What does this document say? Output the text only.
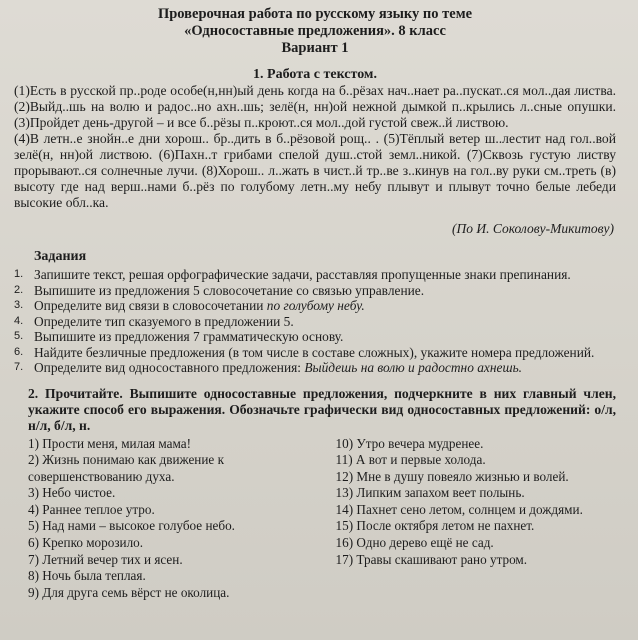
Проверочная работа по русскому языку по теме
«Односоставные предложения». 8 класс
Вариант 1
1. Работа с текстом.

(1)Есть в русской пр..роде особе(н,нн)ый день когда на б..рёзах нач..нает ра..пускат..ся мол..дая листва. (2)Выйд..шь на волю и радос..но ахн..шь; зелё(н, нн)ой нежной дымкой п..крылись л..сные опушки. (3)Пройдет день-другой – и все б..рёзы п..кроют..ся мол..дой густой свеж..й листвою.

(4)В летн..е знойн..е дни хорош.. бр..дить в б..рёзовой рощ.. . (5)Тёплый ветер ш..лестит над гол..вой зелё(н, нн)ой листвою. (6)Пахн..т грибами спелой душ..стой земл..никой. (7)Сквозь густую листву прорывают..ся солнечные лучи. (8)Хорош.. л..жать в чист..й тр..ве з..кинув на гол..ву руки см..треть (в) высоту где над верш..нами б..рёз по голубому летн..му небу плывут и плывут точно белые лебеди высокие обл..ка.

(По И. Соколову-Микитову)
Задания
1. Запишите текст, решая орфографические задачи, расставляя пропущенные знаки препинания.
2. Выпишите из предложения 5 словосочетание со связью управление.
3. Определите вид связи в словосочетании по голубому небу.
4. Определите тип сказуемого в предложении 5.
5. Выпишите из предложения 7 грамматическую основу.
6. Найдите безличные предложения (в том числе в составе сложных), укажите номера предложений.
7. Определите вид односоставного предложения: Выйдешь на волю и радостно ахнешь.
2. Прочитайте. Выпишите односоставные предложения, подчеркните в них главный член, укажите способ его выражения. Обозначьте графически вид односоставных предложений: о/л, н/л, б/л, н.
1) Прости меня, милая мама!
2) Жизнь понимаю как движение к совершенствованию духа.
3) Небо чистое.
4) Раннее теплое утро.
5) Над нами – высокое голубое небо.
6) Крепко морозило.
7) Летний вечер тих и ясен.
8) Ночь была теплая.
9) Для друга семь вёрст не околица.
10) Утро вечера мудренее.
11) А вот и первые холода.
12) Мне в душу повеяло жизнью и волей.
13) Липким запахом веет полынь.
14) Пахнет сено летом, солнцем и дождями.
15) После октября летом не пахнет.
16) Одно дерево ещё не сад.
17) Травы скашивают рано утром.
